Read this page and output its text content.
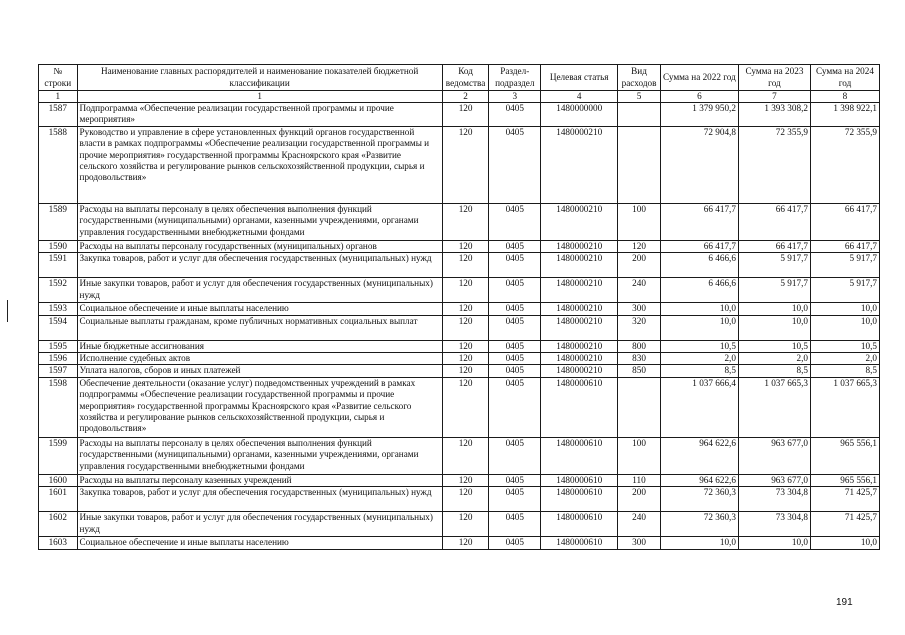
№ строки	Наименование главных распорядителей и наименование показателей бюджетной классификации	Код ведомства	Раздел-подраздел	Целевая статья	Вид расходов	Сумма на 2022 год	Сумма на 2023 год	Сумма на 2024 год
1	1	2	3	4	5	6	7	8
1587	Подпрограмма «Обеспечение реализации государственной программы и прочие мероприятия»	120	0405	1480000000		1 379 950,2	1 393 308,2	1 398 922,1
1588	Руководство и управление в сфере установленных функций органов государственной власти в рамках подпрограммы «Обеспечение реализации государственной программы и прочие мероприятия» государственной программы Красноярского края «Развитие сельского хозяйства и регулирование рынков сельскохозяйственной продукции, сырья и продовольствия»	120	0405	1480000210		72 904,8	72 355,9	72 355,9
1589	Расходы на выплаты персоналу в целях обеспечения выполнения функций государственными (муниципальными) органами, казенными учреждениями, органами управления государственными внебюджетными фондами	120	0405	1480000210	100	66 417,7	66 417,7	66 417,7
1590	Расходы на выплаты персоналу государственных (муниципальных) органов	120	0405	1480000210	120	66 417,7	66 417,7	66 417,7
1591	Закупка товаров, работ и услуг для обеспечения государственных (муниципальных) нужд	120	0405	1480000210	200	6 466,6	5 917,7	5 917,7
1592	Иные закупки товаров, работ и услуг для обеспечения государственных (муниципальных) нужд	120	0405	1480000210	240	6 466,6	5 917,7	5 917,7
1593	Социальное обеспечение и иные выплаты населению	120	0405	1480000210	300	10,0	10,0	10,0
1594	Социальные выплаты гражданам, кроме публичных нормативных социальных выплат	120	0405	1480000210	320	10,0	10,0	10,0
1595	Иные бюджетные ассигнования	120	0405	1480000210	800	10,5	10,5	10,5
1596	Исполнение судебных актов	120	0405	1480000210	830	2,0	2,0	2,0
1597	Уплата налогов, сборов и иных платежей	120	0405	1480000210	850	8,5	8,5	8,5
1598	Обеспечение деятельности (оказание услуг) подведомственных учреждений в рамках подпрограммы «Обеспечение реализации государственной программы и прочие мероприятия» государственной программы Красноярского края «Развитие сельского хозяйства и регулирование рынков сельскохозяйственной продукции, сырья и продовольствия»	120	0405	1480000610		1 037 666,4	1 037 665,3	1 037 665,3
1599	Расходы на выплаты персоналу в целях обеспечения выполнения функций государственными (муниципальными) органами, казенными учреждениями, органами управления государственными внебюджетными фондами	120	0405	1480000610	100	964 622,6	963 677,0	965 556,1
1600	Расходы на выплаты персоналу казенных учреждений	120	0405	1480000610	110	964 622,6	963 677,0	965 556,1
1601	Закупка товаров, работ и услуг для обеспечения государственных (муниципальных) нужд	120	0405	1480000610	200	72 360,3	73 304,8	71 425,7
1602	Иные закупки товаров, работ и услуг для обеспечения государственных (муниципальных) нужд	120	0405	1480000610	240	72 360,3	73 304,8	71 425,7
1603	Социальное обеспечение и иные выплаты населению	120	0405	1480000610	300	10,0	10,0	10,0
191
